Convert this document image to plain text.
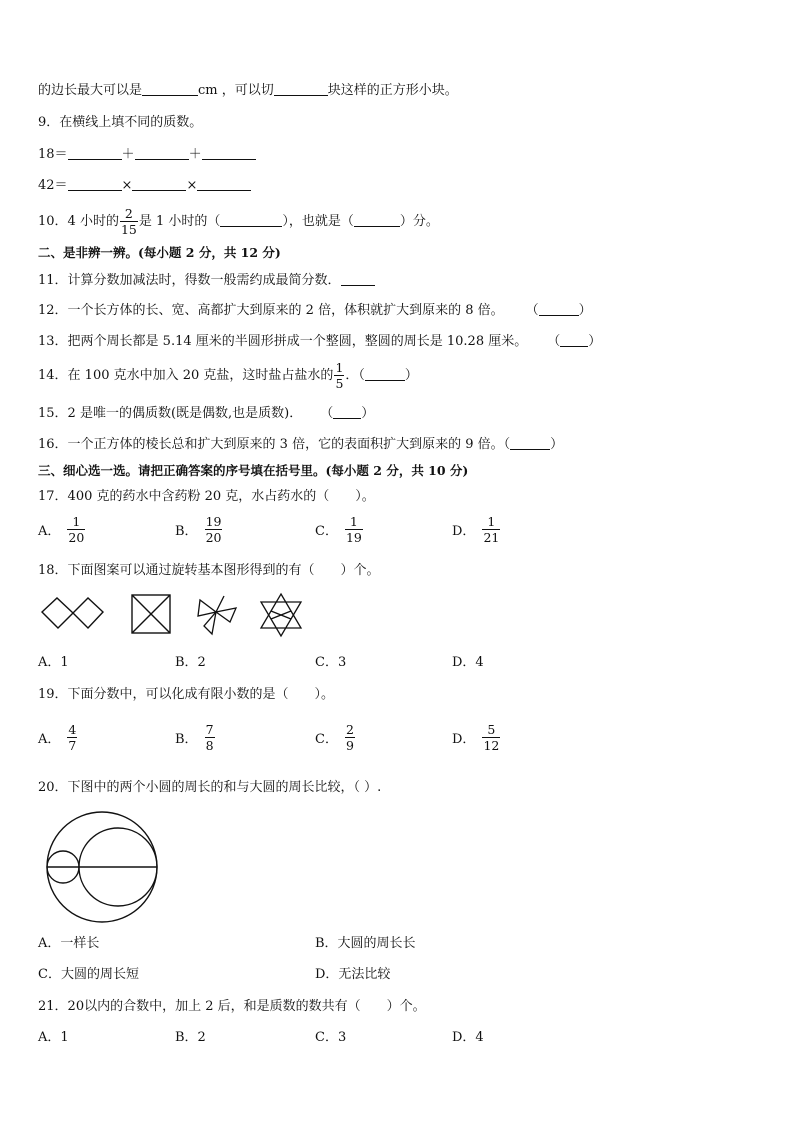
的边长最大可以是	cm ，可以切	块这样的正方形小块。
9．在横线上填不同的质数。
18＝	＋	＋
42＝	×	×
10．4 小时的 $\frac{2}{15}$ 是 1 小时的（	），也就是（	）分。
二、是非辨一辨。(每小题 2 分，共 12 分)
11．计算分数加减法时，得数一般需约成最简分数．
12．一个长方体的长、宽、高都扩大到原来的 2 倍，体积就扩大到原来的 8 倍。 （	）
13．把两个周长都是 5.14 厘米的半圆形拼成一个整圆，整圆的周长是 10.28 厘米。 （ ）
14．在 100 克水中加入 20 克盐，这时盐占盐水的 $\frac{1}{5}$ ．（	）
15．2 是唯一的偶质数(既是偶数,也是质数)． （ ）
16．一个正方体的棱长总和扩大到原来的 3 倍，它的表面积扩大到原来的 9 倍。（	）
三、细心选一选。请把正确答案的序号填在括号里。(每小题 2 分，共 10 分)
17．400 克的药水中含药粉 20 克，水占药水的（　　）。
A． $\frac{1}{20}$	B． $\frac{19}{20}$	C． $\frac{1}{19}$	D． $\frac{1}{21}$
18．下面图案可以通过旋转基本图形得到的有（　　）个。
A．1	B．2	C．3	D．4
19．下面分数中，可以化成有限小数的是（　　）。
A． $\frac{4}{7}$	B． $\frac{7}{8}$	C． $\frac{2}{9}$	D． $\frac{5}{12}$
20．下图中的两个小圆的周长的和与大圆的周长比较，（ ）.
A．一样长	B．大圆的周长长
C．大圆的周长短	D．无法比较
21．20以内的合数中，加上 2 后，和是质数的数共有（　　）个。
A．1	B．2	C．3	D．4
